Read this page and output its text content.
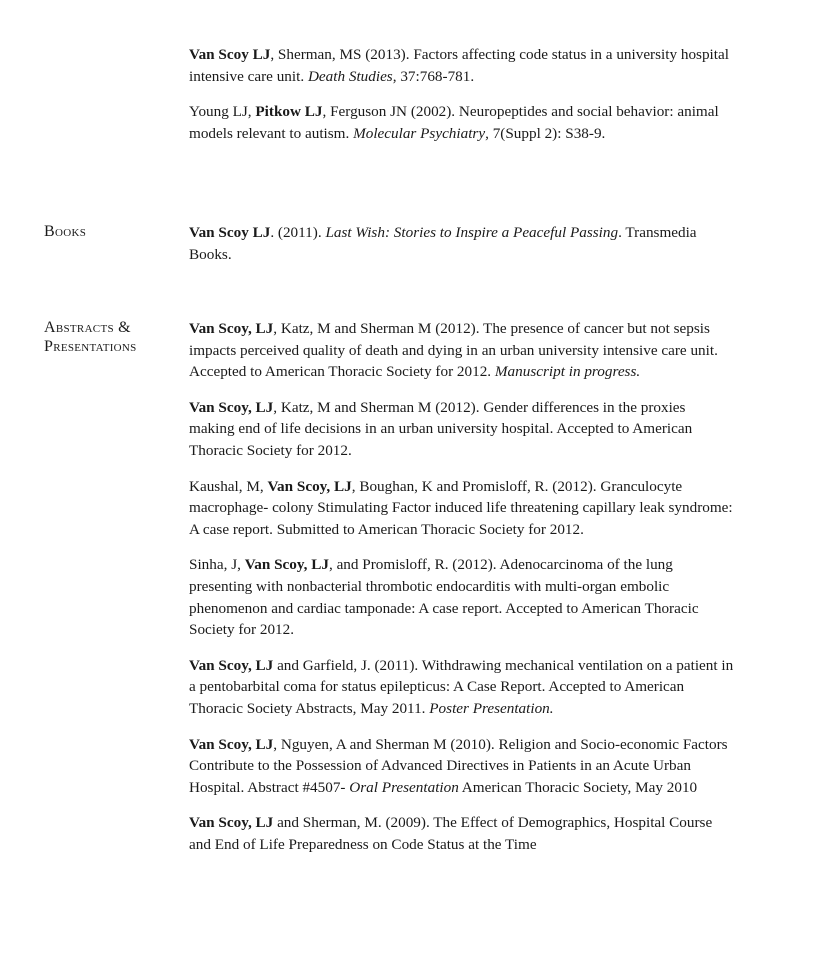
Van Scoy LJ, Sherman, MS (2013). Factors affecting code status in a university hospital intensive care unit. Death Studies, 37:768-781.

Young LJ, Pitkow LJ, Ferguson JN (2002). Neuropeptides and social behavior: animal models relevant to autism. Molecular Psychiatry, 7(Suppl 2): S38-9.

Books	Van Scoy LJ. (2011). Last Wish: Stories to Inspire a Peaceful Passing. Transmedia Books.

Abstracts & Presentations

Van Scoy, LJ, Katz, M and Sherman M (2012). The presence of cancer but not sepsis impacts perceived quality of death and dying in an urban university intensive care unit. Accepted to American Thoracic Society for 2012. Manuscript in progress.

Van Scoy, LJ, Katz, M and Sherman M (2012). Gender differences in the proxies making end of life decisions in an urban university hospital. Accepted to American Thoracic Society for 2012.

Kaushal, M, Van Scoy, LJ, Boughan, K and Promisloff, R. (2012). Granculocyte macrophage- colony Stimulating Factor induced life threatening capillary leak syndrome: A case report. Submitted to American Thoracic Society for 2012.

Sinha, J, Van Scoy, LJ, and Promisloff, R. (2012). Adenocarcinoma of the lung presenting with nonbacterial thrombotic endocarditis with multi-organ embolic phenomenon and cardiac tamponade: A case report. Accepted to American Thoracic Society for 2012.

Van Scoy, LJ and Garfield, J. (2011). Withdrawing mechanical ventilation on a patient in a pentobarbital coma for status epilepticus: A Case Report. Accepted to American Thoracic Society Abstracts, May 2011. Poster Presentation.

Van Scoy, LJ, Nguyen, A and Sherman M (2010). Religion and Socio-economic Factors Contribute to the Possession of Advanced Directives in Patients in an Acute Urban Hospital. Abstract #4507- Oral Presentation American Thoracic Society, May 2010

Van Scoy, LJ and Sherman, M. (2009). The Effect of Demographics, Hospital Course and End of Life Preparedness on Code Status at the Time
